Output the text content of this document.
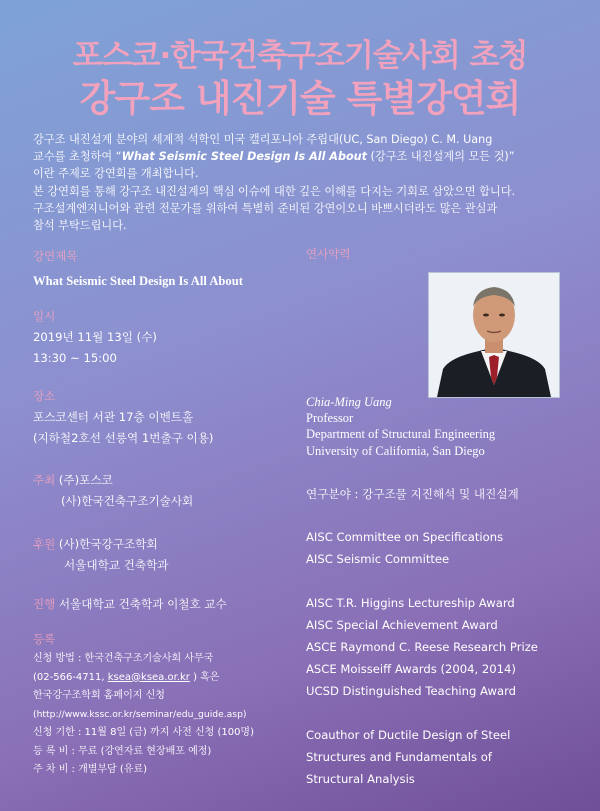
포스코·한국건축구조기술사회 초청
강구조 내진기술 특별강연회

강구조 내진설계 분야의 세계적 석학인 미국 캘리포니아 주립대(UC, San Diego) C. M. Uang

교수를 초청하여 “What Seismic Steel Design Is All About (강구조 내진설계의 모든 것)”

이란 주제로 강연회를 개최합니다.

본 강연회를 통해 강구조 내진설계의 핵심 이슈에 대한 깊은 이해를 다지는 기회로 삼았으면 합니다.

구조설계엔지니어와 관련 전문가를 위하여 특별히 준비된 강연이오니 바쁘시더라도 많은 관심과

참석 부탁드립니다.

강연제목
What Seismic Steel Design Is All About
일시
2019년 11월 13일 (수)
13:30 ~ 15:00
장소
포스코센터 서관 17층 이벤트홀
(지하철2호선 선릉역 1번출구 이용)
주최 (주)포스코
(사)한국건축구조기술사회
후원 (사)한국강구조학회
서울대학교 건축학과
진행 서울대학교 건축학과 이철호 교수
등록
신청 방법 : 한국건축구조기술사회 사무국
(02-566-4711, ksea@ksea.or.kr ) 혹은
한국강구조학회 홈페이지 신청
(http://www.kssc.or.kr/seminar/edu_guide.asp)
신청 기한 : 11월 8일 (금) 까지 사전 신청 (100명)
등 록 비 : 무료 (강연자료 현장배포 예정)
주 차 비 : 개별부담 (유료)
연사약력
Chia-Ming Uang
Professor
Department of Structural Engineering
University of California, San Diego
연구분야 : 강구조물 지진해석 및 내진설계
AISC Committee on Specifications
AISC Seismic Committee
AISC T.R. Higgins Lectureship Award
AISC Special Achievement Award
ASCE Raymond C. Reese Research Prize
ASCE Moisseiff Awards (2004, 2014)
UCSD Distinguished Teaching Award
Coauthor of Ductile Design of Steel
Structures and Fundamentals of
Structural Analysis
